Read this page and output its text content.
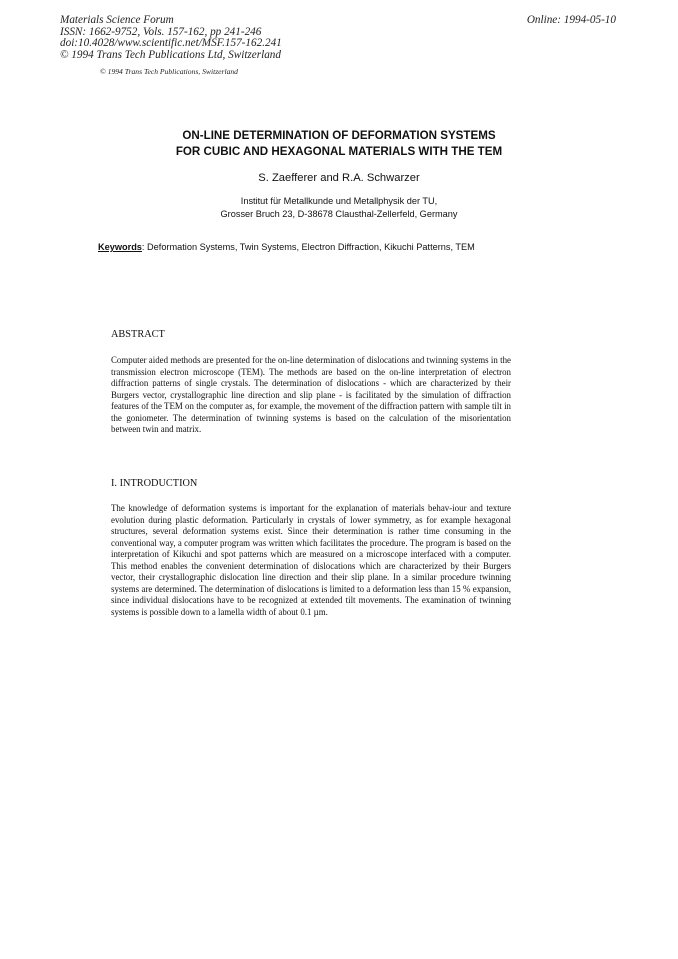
Materials Science Forum
ISSN: 1662-9752, Vols. 157-162, pp 241-246
doi:10.4028/www.scientific.net/MSF.157-162.241
© 1994 Trans Tech Publications Ltd, Switzerland
Online: 1994-05-10
© 1994 Trans Tech Publications, Switzerland
ON-LINE DETERMINATION OF DEFORMATION SYSTEMS
FOR CUBIC AND HEXAGONAL MATERIALS WITH THE TEM
S. Zaefferer and R.A. Schwarzer
Institut für Metallkunde und Metallphysik der TU,
Grosser Bruch 23, D-38678 Clausthal-Zellerfeld, Germany
Keywords: Deformation Systems, Twin Systems, Electron Diffraction, Kikuchi Patterns, TEM
ABSTRACT
Computer aided methods are presented for the on-line determination of dislocations and twinning systems in the transmission electron microscope (TEM). The methods are based on the on-line interpretation of electron diffraction patterns of single crystals. The determination of dislocations - which are characterized by their Burgers vector, crystallographic line direction and slip plane - is facilitated by the simulation of diffraction features of the TEM on the computer as, for example, the movement of the diffraction pattern with sample tilt in the goniometer. The determination of twinning systems is based on the calculation of the misorientation between twin and matrix.
I. INTRODUCTION
The knowledge of deformation systems is important for the explanation of materials behav-iour and texture evolution during plastic deformation. Particularly in crystals of lower symmetry, as for example hexagonal structures, several deformation systems exist. Since their determination is rather time consuming in the conventional way, a computer program was written which facilitates the procedure. The program is based on the interpretation of Kikuchi and spot patterns which are measured on a microscope interfaced with a computer. This method enables the convenient determination of dislocations which are characterized by their Burgers vector, their crystallographic dislocation line direction and their slip plane. In a similar procedure twinning systems are determined. The determination of dislocations is limited to a deformation less than 15 % expansion, since individual dislocations have to be recognized at extended tilt movements. The examination of twinning systems is possible down to a lamella width of about 0.1 µm.
